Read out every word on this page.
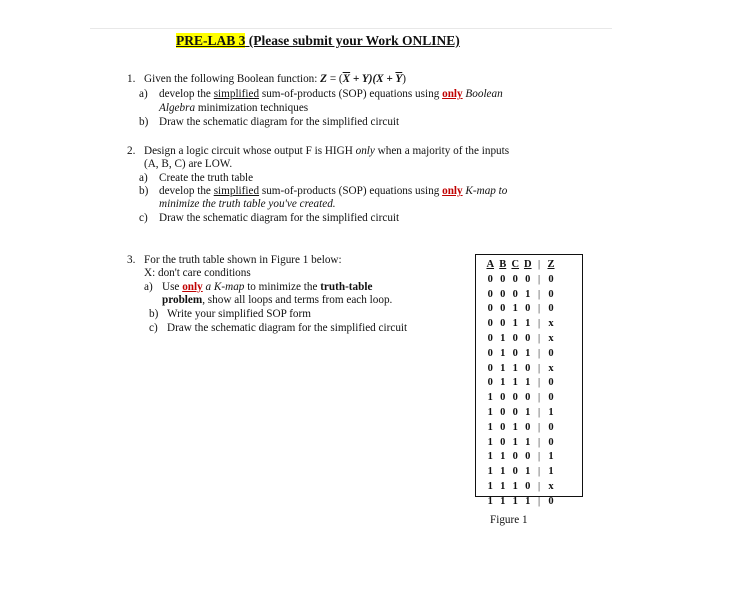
PRE-LAB 3 (Please submit your Work ONLINE)
1. Given the following Boolean function: $Z = (\overline{X} + Y)(X + \overline{Y})$
a) develop the simplified sum-of-products (SOP) equations using only Boolean
Algebra minimization techniques
b) Draw the schematic diagram for the simplified circuit
2. Design a logic circuit whose output F is HIGH only when a majority of the inputs
(A, B, C) are LOW.
a) Create the truth table
b) develop the simplified sum-of-products (SOP) equations using only K-map to
minimize the truth table you've created.
c) Draw the schematic diagram for the simplified circuit
3. For the truth table shown in Figure 1 below:
X: don't care conditions
a) Use only a K-map to minimize the truth-table
problem, show all loops and terms from each loop.
b) Write your simplified SOP form
c) Draw the schematic diagram for the simplified circuit
A	B	C	D	|	Z
0	0	0	0	|	0
0	0	0	1	|	0
0	0	1	0	|	0
0	0	1	1	|	x
0	1	0	0	|	x
0	1	0	1	|	0
0	1	1	0	|	x
0	1	1	1	|	0
1	0	0	0	|	0
1	0	0	1	|	1
1	0	1	0	|	0
1	0	1	1	|	0
1	1	0	0	|	1
1	1	0	1	|	1
1	1	1	0	|	x
1	1	1	1	|	0
Figure 1
